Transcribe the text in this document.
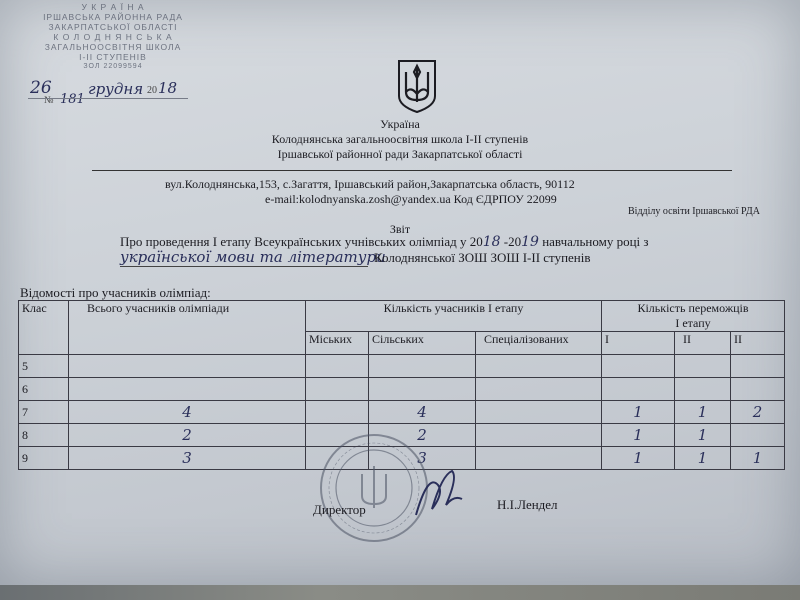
У К Р А Ї Н А
ІРШАВСЬКА РАЙОННА РАДА
ЗАКАРПАТСЬКОЇ ОБЛАСТІ
К О Л О Д Н Я Н С Ь К А
ЗАГАЛЬНООСВІТНЯ ШКОЛА
І-ІІ СТУПЕНІВ
ЗОЛ 22099594
26 грудня 20 18
№ 181
Україна
Колоднянська загальноосвітня школа І-ІІ ступенів
Іршавської районної ради Закарпатської області
вул.Колоднянська,153, с.Загаття, Іршавський район,Закарпатська область, 90112
e-mail:kolodnyanska.zosh@yandex.ua Код ЄДРПОУ 22099
Відділу освіти Іршавської РДА
Звіт
Про проведення І етапу Всеукраїнських учнівських олімпіад у 2018 -2019 навчальному році з
української мови та літературиКолоднянської ЗОШ ЗОШ І-ІІ ступенів
Відомості про учасників олімпіад:
Клас	Всього учасників олімпіади	Кількість учасників І етапу			Кількість переможців
І етапу		
		Міських	Сільських	Спеціалізованих	І	ІІ	ІІ
5							
6							
7	4		4		1	1	2
8	2		2		1	1	
9	3		3		1	1	1
Директор	Н.І.Лендел
